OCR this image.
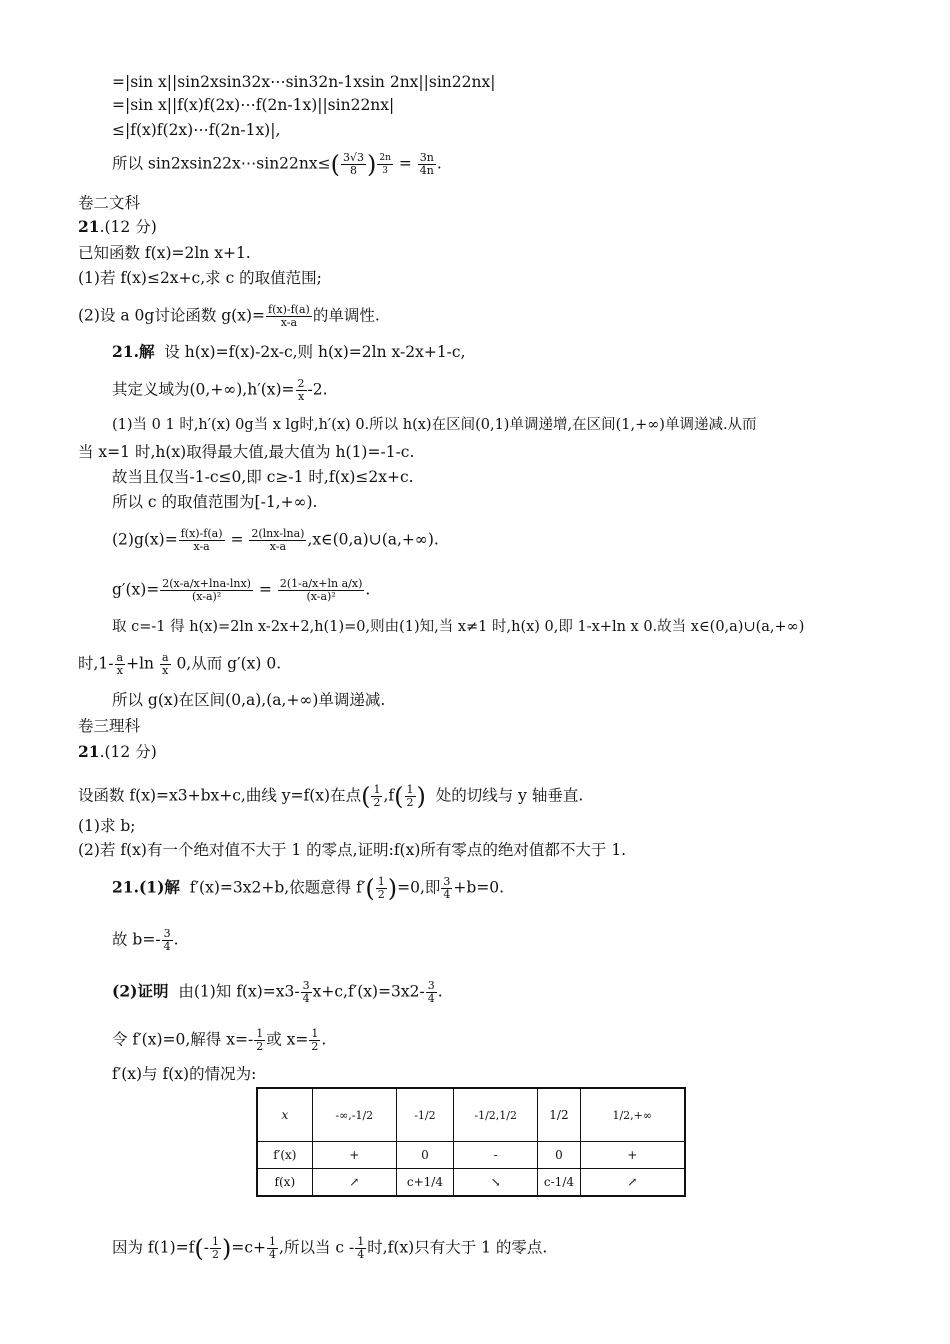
=|sin x||sin2xsin32x⋯sin32n-1xsin 2nx||sin22nx|
=|sin x||f(x)f(2x)⋯f(2n-1x)||sin22nx|
≤|f(x)f(2x)⋯f(2n-1x)|,
所以 sin2xsin22x⋯sin22nx≤( $\frac{3√3}{8}$ ) $\frac{2n}{3} = \frac{3n}{4n}$ .
卷二文科
21.(12 分)
已知函数 f(x)=2ln x+1.
(1)若 f(x)≤2x+c,求 c 的取值范围;
(2)设 a 0g讨论函数 $g(x)= \frac{f(x)-f(a)}{x-a}$ 的单调性.
21.解 设 h(x)=f(x)-2x-c,则 h(x)=2ln x-2x+1-c,
其定义域为$(0,+\infty),h'(x)= \frac{2}{x} -2$.
(1)当 0 1 时,h′(x) 0g当 x lg时,h′(x) 0.所以 h(x)在区间(0,1)单调递增,在区间(1,+∞)单调递减.从而
当 x=1 时,h(x)取得最大值,最大值为 h(1)=-1-c.
故当且仅当-1-c≤0,即 c≥-1 时,f(x)≤2x+c.
所以 c 的取值范围为[-1,+∞).
$(2)g(x)= \frac{f(x)-f(a)}{x-a} = \frac{2(\ln x-\ln a)}{x-a}$ ,x∈(0,a)∪(a,+∞).
$g'(x)= \frac{2(x-a/x+\ln a-\ln x)}{\text{(x-a)²}} = \frac{\text{2(1-a/x+ln a/x)}}{\text{(x-a)²}}$ .
取 c=-1 得 h(x)=2ln x-2x+2,h(1)=0,则由(1)知,当 x≠1 时,h(x) 0,即 1-x+ln x 0.故当 x∈(0,a)∪(a,+∞)
时$,1- \frac{a}{x} +\ln \frac{a}{x} 0$,从而 g′(x) 0.
所以 g(x)在区间(0,a),(a,+∞)单调递减.
卷三理科
21.(12 分)
设函数 f(x)=x3+bx+c,曲线 y=f(x)在点( $\frac{1}{2} ,f( \frac{1}{2}$ ) 处的切线与 y 轴垂直.
(1)求 b;
(2)若 f(x)有一个绝对值不大于 1 的零点,证明:f(x)所有零点的绝对值都不大于 1.
21.(1)解 f′(x)=3x2+b,依题意得 $f'( \frac{1}{2} )=0$,即 $\frac{3}{4} +b=0$.
故 $b=- \frac{3}{4}$ .
(2)证明 由(1)知 $f(x)=x3- \frac{3}{4} x+c,f'(x)=3x2- \frac{3}{4}$ .
令 f′(x)=0,解得 $x=- \frac{1}{2}$ 或 $x= \frac{1}{2}$ .
f′(x)与 f(x)的情况为:
x	-∞,-1/2	-1/2	-1/2,1/2	1/2	1/2,+∞
f′(x)	+	0	-	0	+
f(x)	↗	c+1/4	↘	c-1/4	↗
因为 $f(1)=f(- \frac{1}{2} )=c+ \frac{1}{4}$ ,所以当 c - $\frac{1}{4}$ 时,f(x)只有大于 1 的零点.
